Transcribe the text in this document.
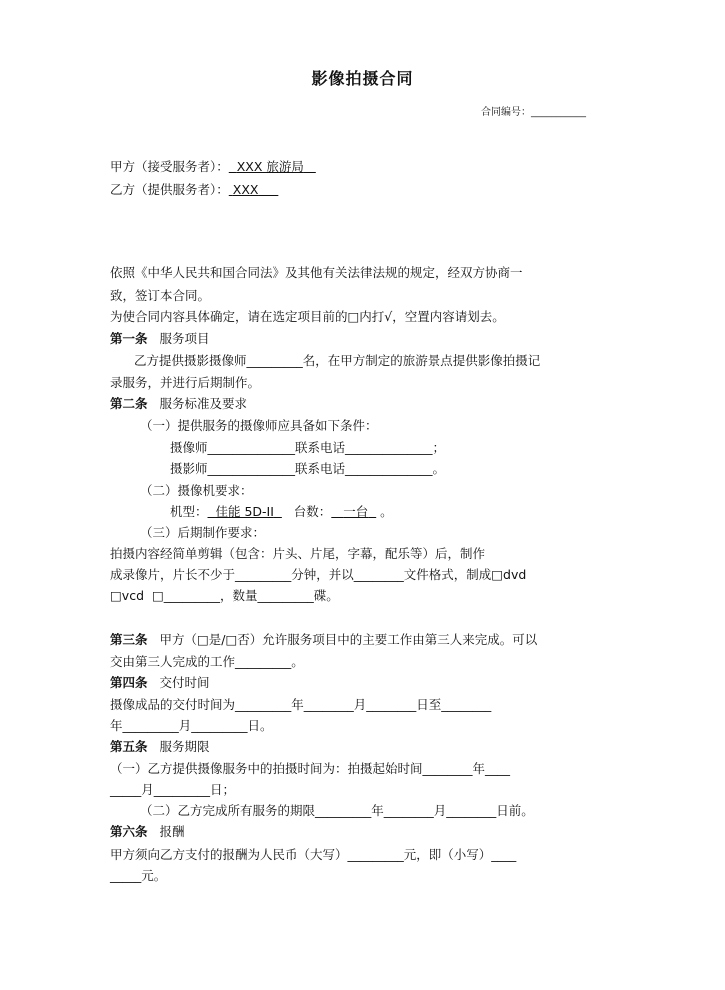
影像拍摄合同
合同编号：___________
甲方（接受服务者）： XXX 旅游局
乙方（提供服务者）： XXX
依照《中华人民共和国合同法》及其他有关法律法规的规定，经双方协商一
致，签订本合同。
为使合同内容具体确定，请在选定项目前的□内打√，空置内容请划去。
第一条 服务项目
乙方提供摄影摄像师_________名，在甲方制定的旅游景点提供影像拍摄记
录服务，并进行后期制作。
第二条 服务标准及要求
（一）提供服务的摄像师应具备如下条件：
摄像师______________联系电话______________；
摄影师______________联系电话______________。
（二）摄像机要求：
机型： 佳能 5D-II 台数： 一台   。
（三）后期制作要求：
拍摄内容经简单剪辑（包含：片头、片尾，字幕，配乐等）后，制作
成录像片，片长不少于_________分钟，并以________文件格式，制成□dvd
□vcd  □_________，数量_________碟。
第三条 甲方（□是/□否）允许服务项目中的主要工作由第三人来完成。可以
交由第三人完成的工作_________。
第四条 交付时间
摄像成品的交付时间为_________年________月________日至________
年_________月_________日。
第五条 服务期限
（一）乙方提供摄像服务中的拍摄时间为：拍摄起始时间________年____
_____月_________日；
（二）乙方完成所有服务的期限_________年________月________日前。
第六条 报酬
甲方须向乙方支付的报酬为人民币（大写）_________元，即（小写）____
_____元。
